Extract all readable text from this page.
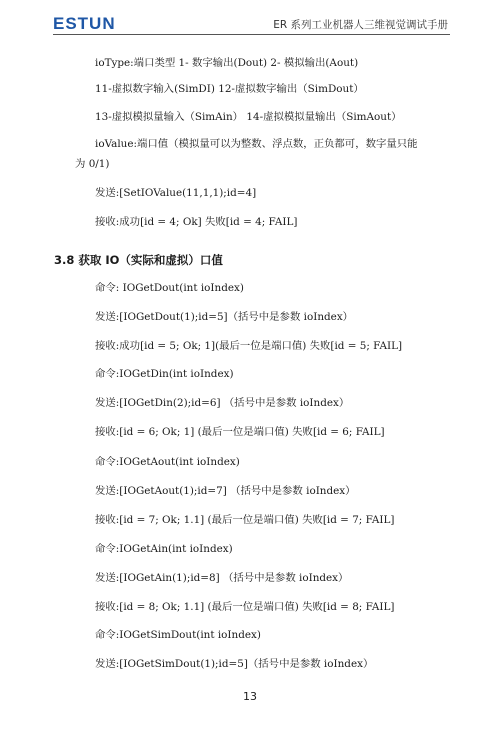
ESTUN	ER 系列工业机器人三维视觉调试手册
ioType:端口类型 1- 数字输出(Dout) 2- 模拟输出(Aout)
11-虚拟数字输入(SimDI) 12-虚拟数字输出（SimDout）
13-虚拟模拟量输入（SimAin） 14-虚拟模拟量输出（SimAout）
ioValue:端口值（模拟量可以为整数、浮点数，正负都可，数字量只能
为 0/1)
发送:[SetIOValue(11,1,1);id=4]
接收:成功[id = 4; Ok] 失败[id = 4; FAIL]
3.8 获取 IO（实际和虚拟）口值
命令: IOGetDout(int ioIndex)
发送:[IOGetDout(1);id=5]（括号中是参数 ioIndex）
接收:成功[id = 5; Ok; 1](最后一位是端口值) 失败[id = 5; FAIL]
命令:IOGetDin(int ioIndex)
发送:[IOGetDin(2);id=6] （括号中是参数 ioIndex）
接收:[id = 6; Ok; 1] (最后一位是端口值) 失败[id = 6; FAIL]
命令:IOGetAout(int ioIndex)
发送:[IOGetAout(1);id=7] （括号中是参数 ioIndex）
接收:[id = 7; Ok; 1.1] (最后一位是端口值) 失败[id = 7; FAIL]
命令:IOGetAin(int ioIndex)
发送:[IOGetAin(1);id=8] （括号中是参数 ioIndex）
接收:[id = 8; Ok; 1.1] (最后一位是端口值) 失败[id = 8; FAIL]
命令:IOGetSimDout(int ioIndex)
发送:[IOGetSimDout(1);id=5]（括号中是参数 ioIndex）
13
